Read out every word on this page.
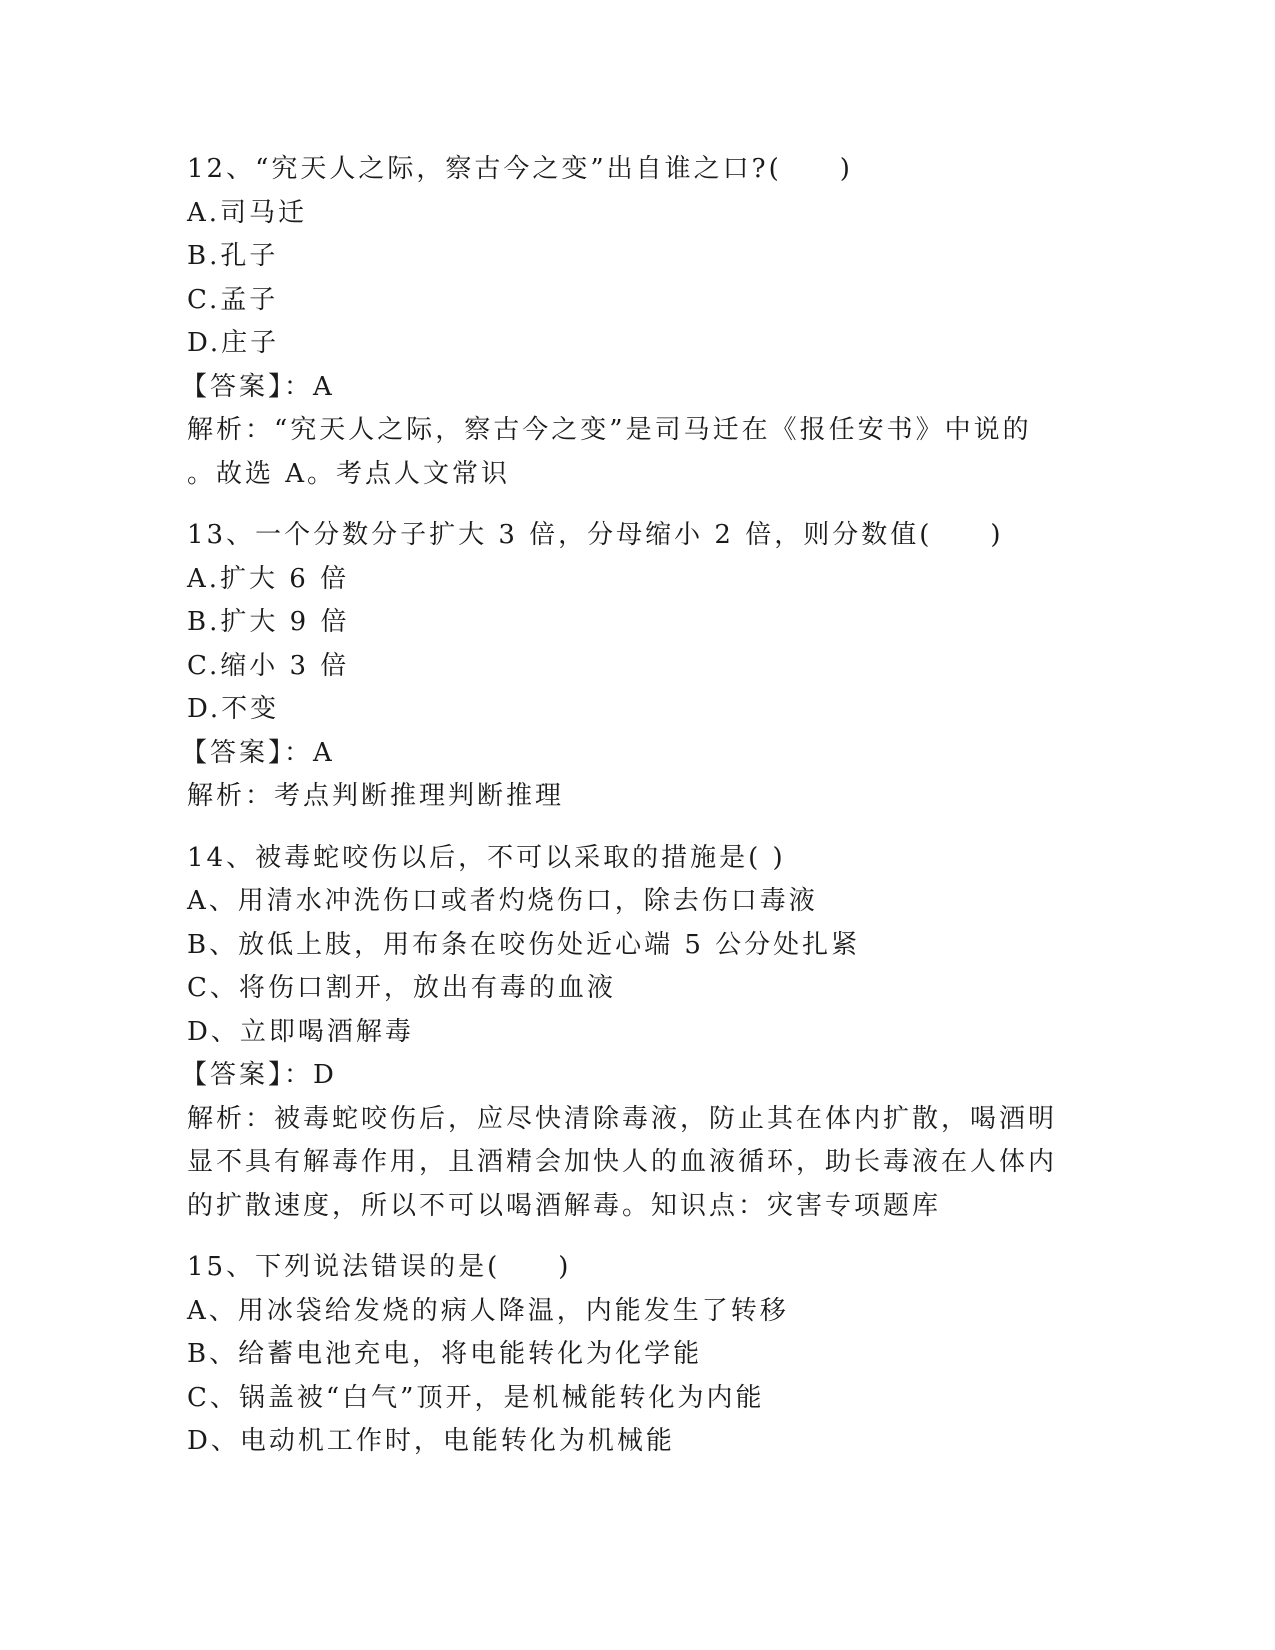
12、“究天人之际，察古今之变”出自谁之口?(　　)

A.司马迁

B.孔子

C.孟子

D.庄子

【答案】：A

解析：“究天人之际，察古今之变”是司马迁在《报任安书》中说的

。故选 A。考点人文常识

13、一个分数分子扩大 3 倍，分母缩小 2 倍，则分数值(　　)

A.扩大 6 倍

B.扩大 9 倍

C.缩小 3 倍

D.不变

【答案】：A

解析：考点判断推理判断推理

14、被毒蛇咬伤以后，不可以采取的措施是( )

A、用清水冲洗伤口或者灼烧伤口，除去伤口毒液

B、放低上肢，用布条在咬伤处近心端 5 公分处扎紧

C、将伤口割开，放出有毒的血液

D、立即喝酒解毒

【答案】：D

解析：被毒蛇咬伤后，应尽快清除毒液，防止其在体内扩散，喝酒明

显不具有解毒作用，且酒精会加快人的血液循环，助长毒液在人体内

的扩散速度，所以不可以喝酒解毒。知识点：灾害专项题库

15、下列说法错误的是(　　)

A、用冰袋给发烧的病人降温，内能发生了转移

B、给蓄电池充电，将电能转化为化学能

C、锅盖被“白气”顶开，是机械能转化为内能

D、电动机工作时，电能转化为机械能
